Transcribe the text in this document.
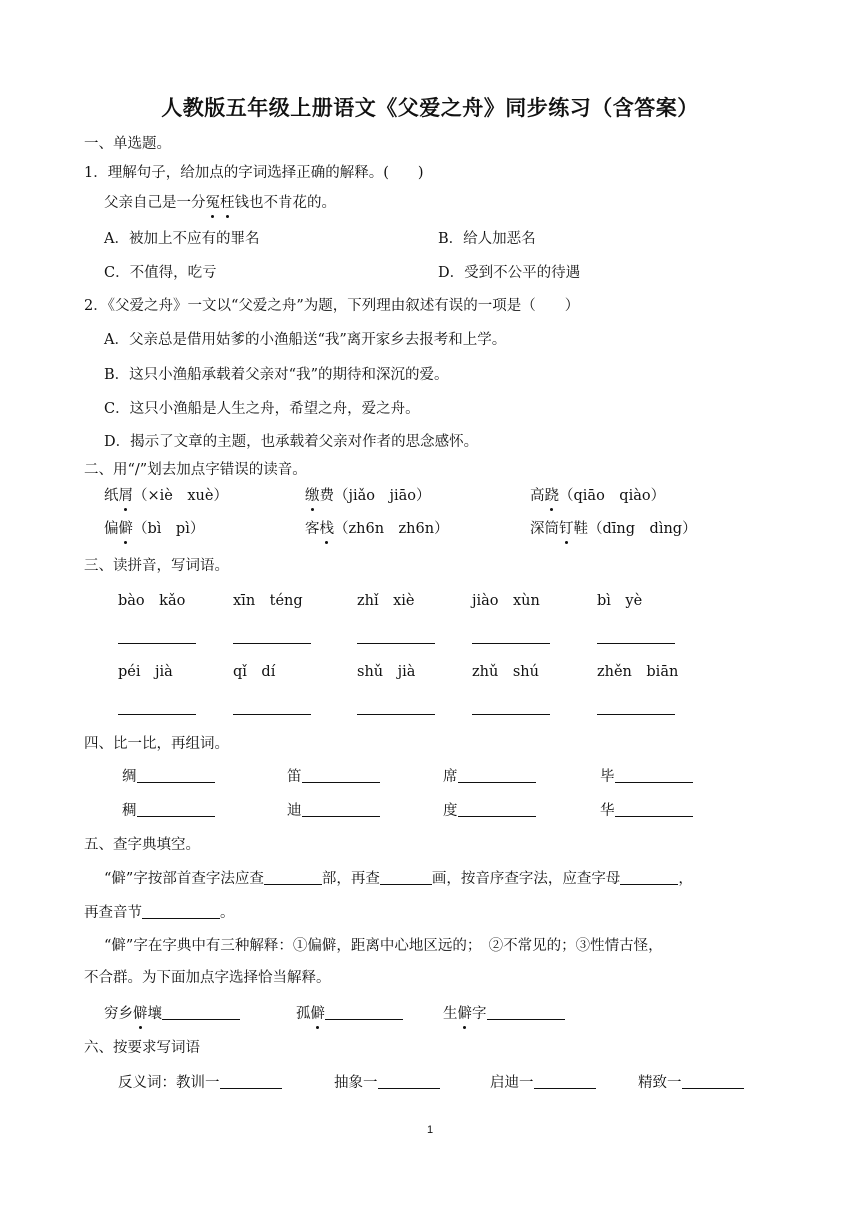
人教版五年级上册语文《父爱之舟》同步练习（含答案）
一、单选题。
1．理解句子，给加点的字词选择正确的解释。(　　)
父亲自己是一分冤枉钱也不肯花的。
A．被加上不应有的罪名	B．给人加恶名
C．不值得，吃亏	D．受到不公平的待遇
2．《父爱之舟》一文以“父爱之舟”为题，下列理由叙述有误的一项是（　　）
A．父亲总是借用姑爹的小渔船送“我”离开家乡去报考和上学。
B．这只小渔船承载着父亲对“我”的期待和深沉的爱。
C．这只小渔船是人生之舟，希望之舟，爱之舟。
D．揭示了文章的主题，也承载着父亲对作者的思念感怀。
二、用“/”划去加点字错误的读音。
纸屑（×iè　xuè）	缴费（jiǎo　jiāo）	高跷（qiāo　qiào）
偏僻（bì　pì）	客栈（zh6n　zh6n）	深筒钉鞋（dīng　dìng）
三、读拼音，写词语。
bào　kǎo	xīn　téng	zhǐ　xiè	jiào　xùn	bì　yè
péi　jià	qǐ　dí	shǔ　jià	zhǔ　shú	zhěn　biān
四、比一比，再组词。
绸	笛	席	毕
稠	迪	度	华
五、查字典填空。
“僻”字按部首查字法应查	部，再查	画，按音序查字法，应查字母	，
再查音节	。
“僻”字在字典中有三种解释：①偏僻，距离中心地区远的；　②不常见的；③性情古怪，
不合群。为下面加点字选择恰当解释。
穷乡僻壤	孤僻	生僻字
六、按要求写词语
反义词：教训一	抽象一	启迪一	精致一
1
